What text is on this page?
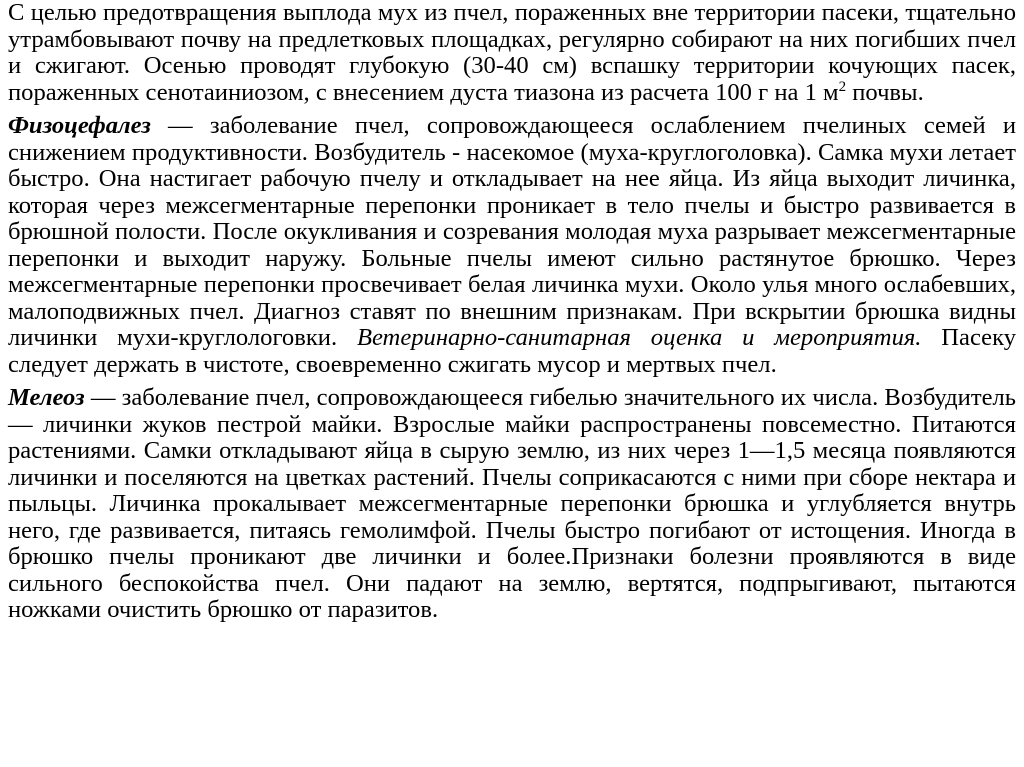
С целью предотвращения выплода мух из пчел, пораженных вне территории пасеки, тщательно утрамбовывают почву на предлетковых площадках, регулярно собирают на них погибших пчел и сжигают. Осенью проводят глубокую (30-40 см) вспашку территории кочующих пасек, пораженных сенотаиниозом, с внесением дуста тиазона из расчета 100 г на 1 $м^2$ почвы.

Физоцефалез — заболевание пчел, сопровождающееся ослаблением пчелиных семей и снижением продуктивности. Возбудитель - насекомое (муха-круглоголовка). Самка мухи летает быстро. Она настигает рабочую пчелу и откладывает на нее яйца. Из яйца выходит личинка, которая через межсегментарные перепонки проникает в тело пчелы и быстро развивается в брюшной полости. После окукливания и созревания молодая муха разрывает межсегментарные перепонки и выходит наружу. Больные пчелы имеют сильно растянутое брюшко. Через межсегментарные перепонки просвечивает белая личинка мухи. Около улья много ослабевших, малоподвижных пчел. Диагноз ставят по внешним признакам. При вскрытии брюшка видны личинки мухи-круглологовки. Ветеринарно-санитарная оценка и мероприятия. Пасеку следует держать в чистоте, своевременно сжигать мусор и мертвых пчел.

Мелеоз — заболевание пчел, сопровождающееся гибелью значительного их числа. Возбудитель — личинки жуков пестрой майки. Взрослые майки распространены повсеместно. Питаются растениями. Самки откладывают яйца в сырую землю, из них через 1—1,5 месяца появляются личинки и поселяются на цветках растений. Пчелы соприкасаются с ними при сборе нектара и пыльцы. Личинка прокалывает межсегментарные перепонки брюшка и углубляется внутрь него, где развивается, питаясь гемолимфой. Пчелы быстро погибают от истощения. Иногда в брюшко пчелы проникают две личинки и более.Признаки болезни проявляются в виде сильного беспокойства пчел. Они падают на землю, вертятся, подпрыгивают, пытаются ножками очистить брюшко от паразитов.
